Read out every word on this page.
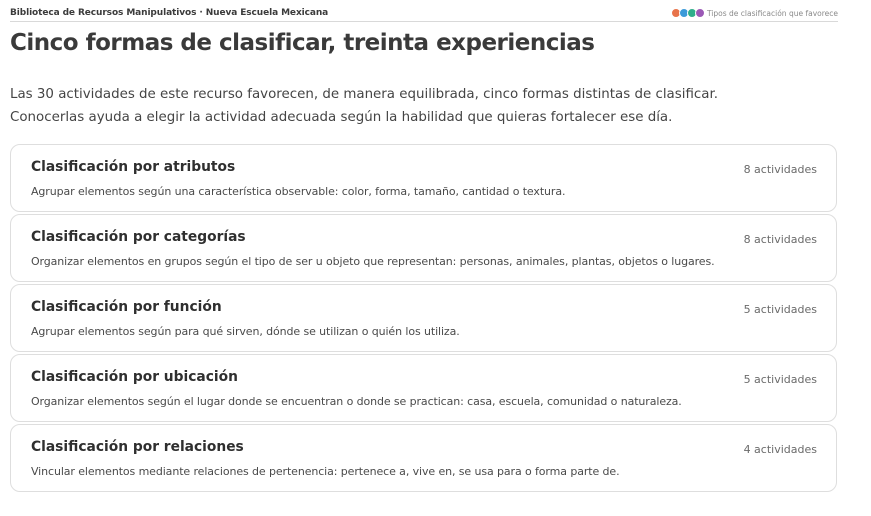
Biblioteca de Recursos Manipulativos · Nueva Escuela Mexicana	Tipos de clasificación que favorece
Cinco formas de clasificar, treinta experiencias

Las 30 actividades de este recurso favorecen, de manera equilibrada, cinco formas distintas de clasificar.
Conocerlas ayuda a elegir la actividad adecuada según la habilidad que quieras fortalecer ese día.

Clasificación por atributos	8 actividades
Agrupar elementos según una característica observable: color, forma, tamaño, cantidad o textura.
Clasificación por categorías	8 actividades
Organizar elementos en grupos según el tipo de ser u objeto que representan: personas, animales, plantas, objetos o lugares.
Clasificación por función	5 actividades
Agrupar elementos según para qué sirven, dónde se utilizan o quién los utiliza.
Clasificación por ubicación	5 actividades
Organizar elementos según el lugar donde se encuentran o donde se practican: casa, escuela, comunidad o naturaleza.
Clasificación por relaciones	4 actividades
Vincular elementos mediante relaciones de pertenencia: pertenece a, vive en, se usa para o forma parte de.
